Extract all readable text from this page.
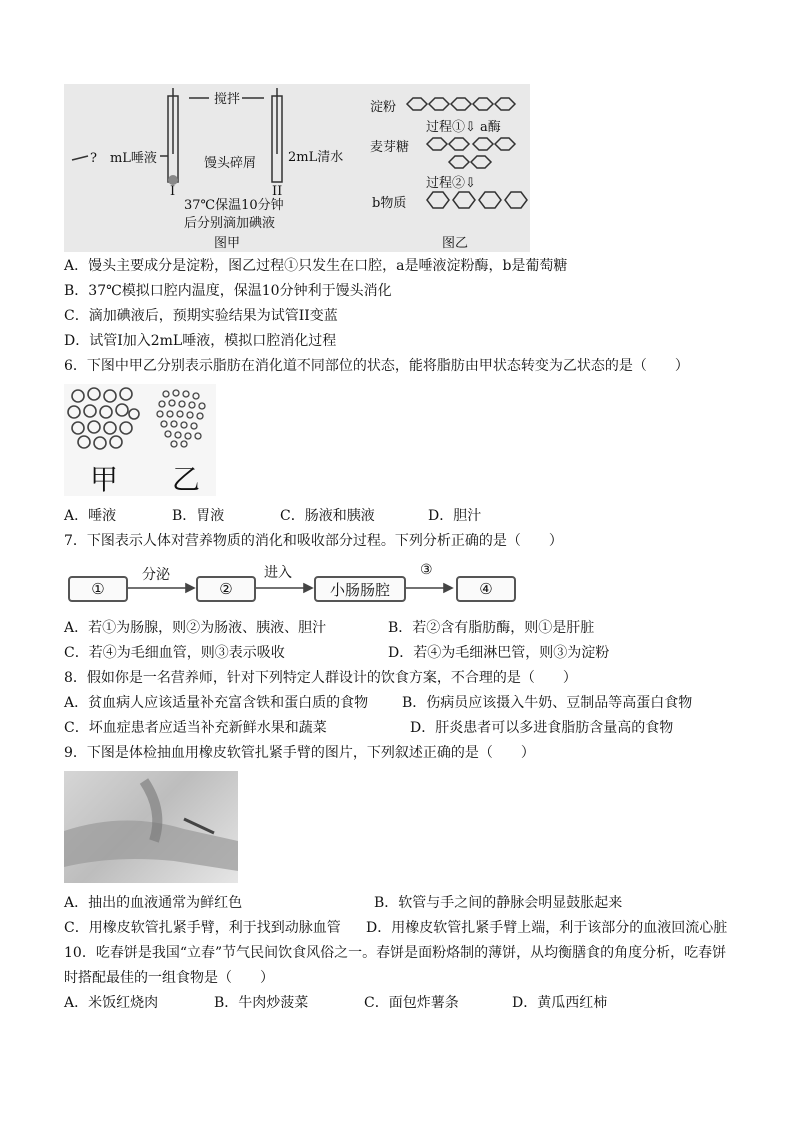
搅拌
?　mL唾液	馒头碎屑 2mL清水
I	II
37℃保温10分钟
后分别滴加碘液
图甲
淀粉
过程①⇩ a酶
麦芽糖
过程②⇩
b物质
图乙
A．馒头主要成分是淀粉，图乙过程①只发生在口腔，a是唾液淀粉酶，b是葡萄糖
B．37℃模拟口腔内温度，保温10分钟利于馒头消化
C．滴加碘液后，预期实验结果为试管II变蓝
D．试管I加入2mL唾液，模拟口腔消化过程
6．下图中甲乙分别表示脂肪在消化道不同部位的状态，能将脂肪由甲状态转变为乙状态的是（　　）
甲 乙
A．唾液	B．胃液	C．肠液和胰液	D．胆汁
7．下图表示人体对营养物质的消化和吸收部分过程。下列分析正确的是（　　）
①
分泌
②
进入
小肠肠腔
③
④
A．若①为肠腺，则②为肠液、胰液、胆汁	B．若②含有脂肪酶，则①是肝脏
C．若④为毛细血管，则③表示吸收	D．若④为毛细淋巴管，则③为淀粉
8．假如你是一名营养师，针对下列特定人群设计的饮食方案，不合理的是（　　）
A．贫血病人应该适量补充富含铁和蛋白质的食物 B．伤病员应该摄入牛奶、豆制品等高蛋白食物
C．坏血症患者应适当补充新鲜水果和蔬菜	D．肝炎患者可以多进食脂肪含量高的食物
9．下图是体检抽血用橡皮软管扎紧手臂的图片，下列叙述正确的是（　　）
A．抽出的血液通常为鲜红色	B．软管与手之间的静脉会明显鼓胀起来
C．用橡皮软管扎紧手臂，利于找到动脉血管 D．用橡皮软管扎紧手臂上端，利于该部分的血液回流心脏
10．吃春饼是我国“立春”节气民间饮食风俗之一。春饼是面粉烙制的薄饼，从均衡膳食的角度分析，吃春饼
时搭配最佳的一组食物是（　　）
A．米饭红烧肉	B．牛肉炒菠菜	C．面包炸薯条	D．黄瓜西红柿
